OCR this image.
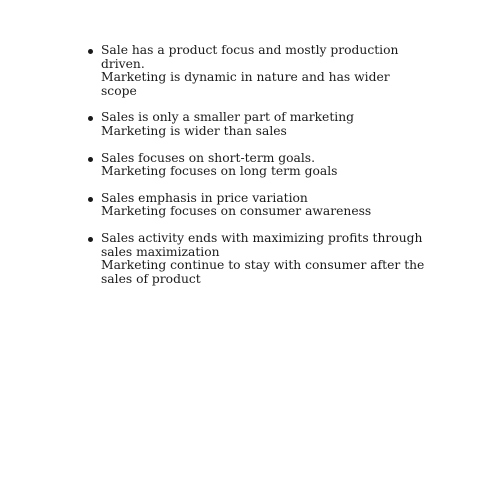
Sale has a product focus and mostly production
driven.
Marketing is dynamic in nature and has wider
scope
Sales is only a smaller part of marketing
Marketing is wider than sales
Sales focuses on short-term goals.
Marketing focuses on long term goals
Sales emphasis in price variation
Marketing focuses on consumer awareness
Sales activity ends with maximizing profits through
sales maximization
Marketing continue to stay with consumer after the
sales of product
